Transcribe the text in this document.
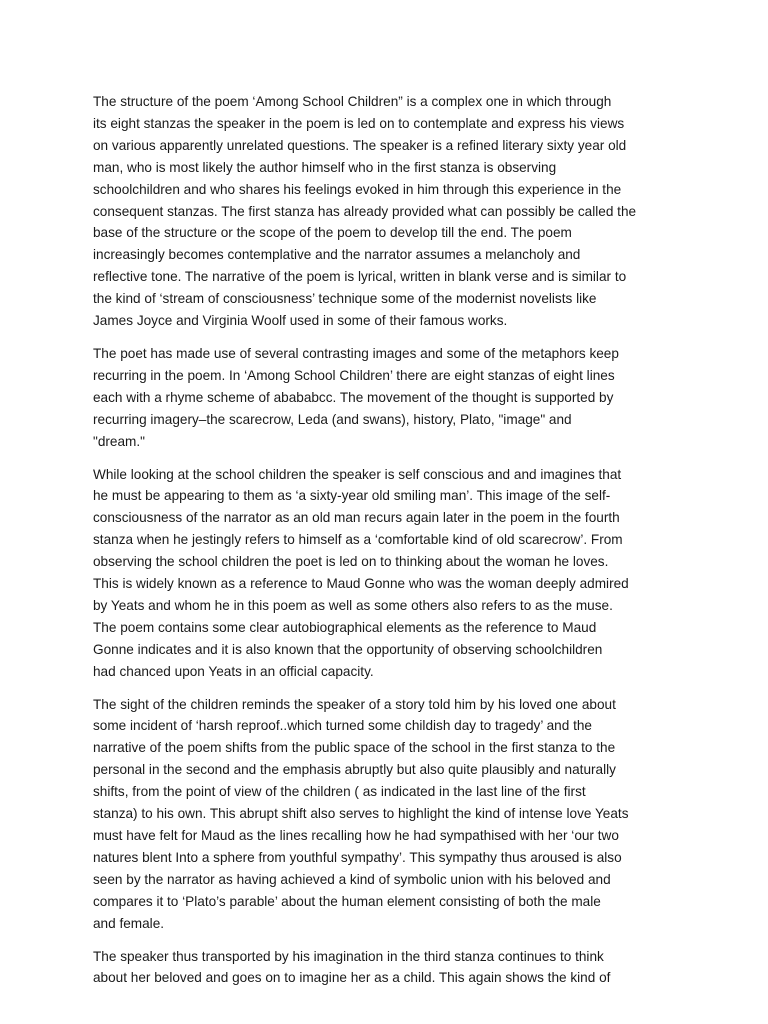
The structure of the poem ‘Among School Children” is a complex one in which through
its eight stanzas the speaker in the poem is led on to contemplate and express his views
on various apparently unrelated questions. The speaker is a refined literary sixty year old
man, who is most likely the author himself who in the first stanza is observing
schoolchildren and who shares his feelings evoked in him through this experience in the
consequent stanzas. The first stanza has already provided what can possibly be called the
base of the structure or the scope of the poem to develop till the end. The poem
increasingly becomes contemplative and the narrator assumes a melancholy and
reflective tone. The narrative of the poem is lyrical, written in blank verse and is similar to
the kind of ‘stream of consciousness’ technique some of the modernist novelists like
James Joyce and Virginia Woolf used in some of their famous works.

The poet has made use of several contrasting images and some of the metaphors keep
recurring in the poem. In ‘Among School Children’ there are eight stanzas of eight lines
each with a rhyme scheme of abababcc. The movement of the thought is supported by
recurring imagery–the scarecrow, Leda (and swans), history, Plato, "image" and
"dream."

While looking at the school children the speaker is self conscious and and imagines that
he must be appearing to them as ‘a sixty-year old smiling man’. This image of the self-
consciousness of the narrator as an old man recurs again later in the poem in the fourth
stanza when he jestingly refers to himself as a ‘comfortable kind of old scarecrow’. From
observing the school children the poet is led on to thinking about the woman he loves.
This is widely known as a reference to Maud Gonne who was the woman deeply admired
by Yeats and whom he in this poem as well as some others also refers to as the muse.
The poem contains some clear autobiographical elements as the reference to Maud
Gonne indicates and it is also known that the opportunity of observing schoolchildren
had chanced upon Yeats in an official capacity.

The sight of the children reminds the speaker of a story told him by his loved one about
some incident of ‘harsh reproof..which turned some childish day to tragedy’ and the
narrative of the poem shifts from the public space of the school in the first stanza to the
personal in the second and the emphasis abruptly but also quite plausibly and naturally
shifts, from the point of view of the children ( as indicated in the last line of the first
stanza) to his own. This abrupt shift also serves to highlight the kind of intense love Yeats
must have felt for Maud as the lines recalling how he had sympathised with her ‘our two
natures blent Into a sphere from youthful sympathy’. This sympathy thus aroused is also
seen by the narrator as having achieved a kind of symbolic union with his beloved and
compares it to ‘Plato’s parable’ about the human element consisting of both the male
and female.

The speaker thus transported by his imagination in the third stanza continues to think
about her beloved and goes on to imagine her as a child. This again shows the kind of
